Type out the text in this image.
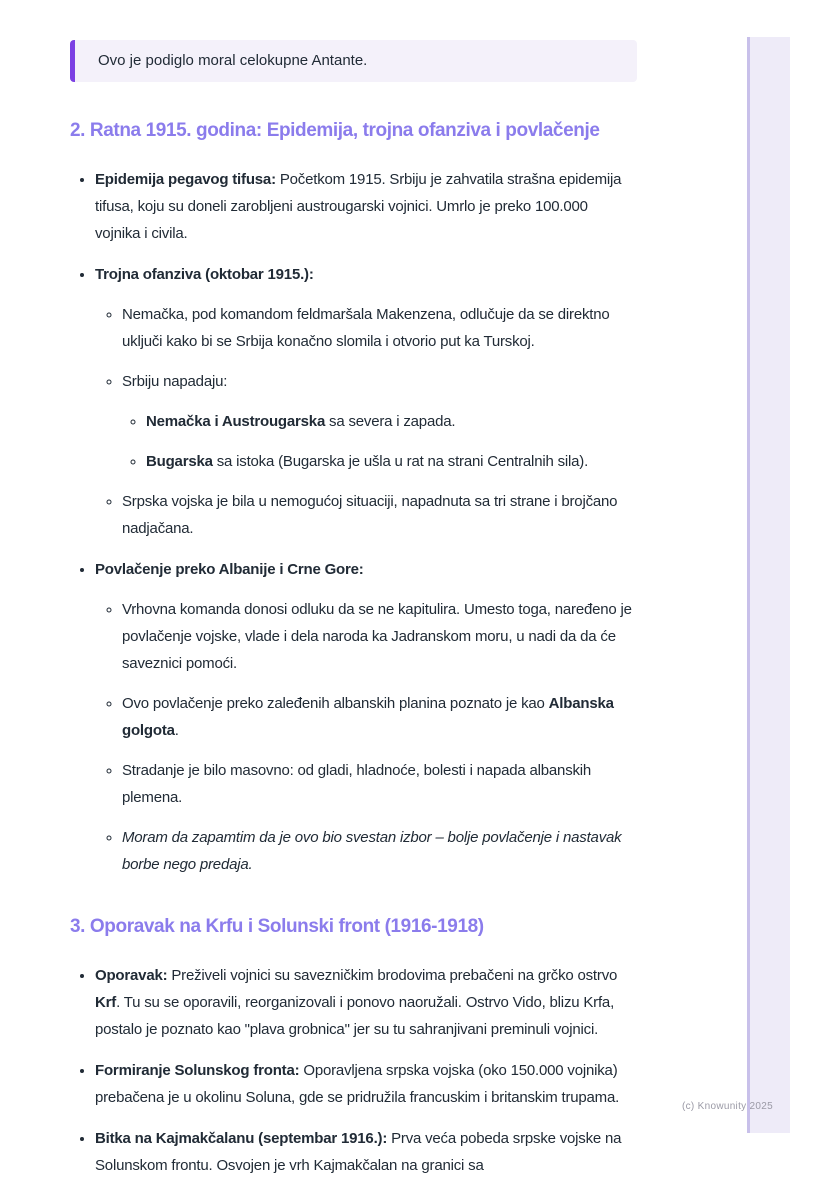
Ovo je podiglo moral celokupne Antante.
2. Ratna 1915. godina: Epidemija, trojna ofanziva i povlačenje
• Epidemija pegavog tifusa: Početkom 1915. Srbiju je zahvatila strašna epidemija tifusa, koju su doneli zarobljeni austrougarski vojnici. Umrlo je preko 100.000 vojnika i civila.
• Trojna ofanziva (oktobar 1915.):
◦ Nemačka, pod komandom feldmaršala Makenzena, odlučuje da se direktno uključi kako bi se Srbija konačno slomila i otvorio put ka Turskoj.
◦ Srbiju napadaju:
◦ Nemačka i Austrougarska sa severa i zapada.
◦ Bugarska sa istoka (Bugarska je ušla u rat na strani Centralnih sila).
◦ Srpska vojska je bila u nemogućoj situaciji, napadnuta sa tri strane i brojčano nadjačana.
• Povlačenje preko Albanije i Crne Gore:
◦ Vrhovna komanda donosi odluku da se ne kapitulira. Umesto toga, naređeno je povlačenje vojske, vlade i dela naroda ka Jadranskom moru, u nadi da da će saveznici pomoći.
◦ Ovo povlačenje preko zaleđenih albanskih planina poznato je kao Albanska golgota.
◦ Stradanje je bilo masovno: od gladi, hladnoće, bolesti i napada albanskih plemena.
◦ Moram da zapamtim da je ovo bio svestan izbor – bolje povlačenje i nastavak borbe nego predaja.
3. Oporavak na Krfu i Solunski front (1916-1918)
• Oporavak: Preživeli vojnici su savezničkim brodovima prebačeni na grčko ostrvo Krf. Tu su se oporavili, reorganizovali i ponovo naoružali. Ostrvo Vido, blizu Krfa, postalo je poznato kao "plava grobnica" jer su tu sahranjivani preminuli vojnici.
• Formiranje Solunskog fronta: Oporavljena srpska vojska (oko 150.000 vojnika) prebačena je u okolinu Soluna, gde se pridružila francuskim i britanskim trupama.
• Bitka na Kajmakčalanu (septembar 1916.): Prva veća pobeda srpske vojske na Solunskom frontu. Osvojen je vrh Kajmakčalan na granici sa
(c) Knowunity 2025
